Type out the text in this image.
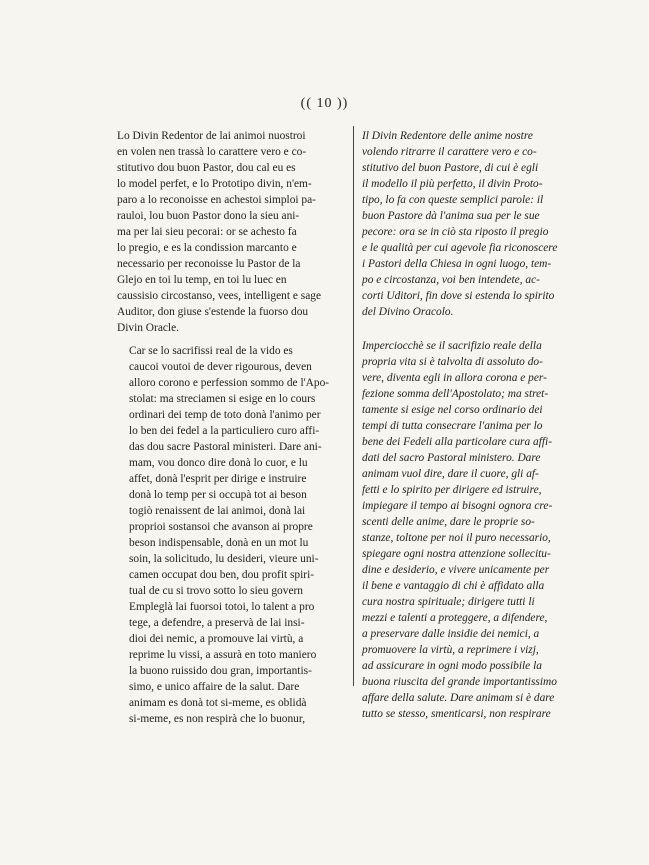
(( 10 ))

Lo Divin Redentor de lai animoi nuostroi
en volen nen trassà lo carattere vero e co-
stitutivo dou buon Pastor, dou cal eu es
lo model perfet, e lo Prototipo divin, n'em-
paro a lo reconoisse en achestoi simploi pa-
rauloi, lou buon Pastor dono la sieu ani-
ma per lai sieu pecorai: or se achesto fa
lo pregio, e es la condission marcanto e
necessario per reconoisse lu Pastor de la
Glejo en toi lu temp, en toi lu luec en
caussisio circostanso, vees, intelligent e sage
Auditor, don giuse s'estende la fuorso dou
Divin Oracle.

Car se lo sacrifissi real de la vido es
caucoi voutoi de dever rigourous, deven
alloro corono e perfession sommo de l'Apo-
stolat: ma streciamen si esige en lo cours
ordinari dei temp de toto donà l'animo per
lo ben dei fedel a la particuliero curo affi-
das dou sacre Pastoral ministeri. Dare ani-
mam, vou donco dire donà lo cuor, e lu
affet, donà l'esprit per dirige e instruire
donà lo temp per si occupà tot ai beson
togiò renaissent de lai animoi, donà lai
proprioi sostansoi che avanson ai propre
beson indispensable, donà en un mot lu
soin, la solicitudo, lu desideri, vieure uni-
camen occupat dou ben, dou profit spiri-
tual de cu si trovo sotto lo sieu govern
Empleglà lai fuorsoi totoi, lo talent a pro
tege, a defendre, a preservà de lai insi-
dioi dei nemic, a promouve lai virtù, a
reprime lu vissi, a assurà en toto maniero
la buono ruissido dou gran, importantis-
simo, e unico affaire de la salut. Dare
animam es donà tot si-meme, es oblidà
si-meme, es non respirà che lo buonur,

Il Divin Redentore delle anime nostre
volendo ritrarre il carattere vero e co-
stitutivo del buon Pastore, di cui è egli
il modello il più perfetto, il divin Proto-
tipo, lo fa con queste semplici parole: il
buon Pastore dà l'anima sua per le sue
pecore: ora se in ciò sta riposto il pregio
e le qualità per cui agevole fia riconoscere
i Pastori della Chiesa in ogni luogo, tem-
po e circostanza, voi ben intendete, ac-
corti Uditori, fin dove si estenda lo spirito
del Divino Oracolo.

Imperciocchè se il sacrifizio reale della
propria vita si è talvolta di assoluto do-
vere, diventa egli in allora corona e per-
fezione somma dell'Apostolato; ma stret-
tamente si esige nel corso ordinario dei
tempi di tutta consecrare l'anima per lo
bene dei Fedeli alla particolare cura affi-
dati del sacro Pastoral ministero. Dare
animam vuol dire, dare il cuore, gli af-
fetti e lo spirito per dirigere ed istruire,
impiegare il tempo ai bisogni ognora cre-
scenti delle anime, dare le proprie so-
stanze, toltone per noi il puro necessario,
spiegare ogni nostra attenzione sollecitu-
dine e desiderio, e vivere unicamente per
il bene e vantaggio di chi è affidato alla
cura nostra spirituale; dirigere tutti li
mezzi e talenti a proteggere, a difendere,
a preservare dalle insidie dei nemici, a
promuovere la virtù, a reprimere i vizj,
ad assicurare in ogni modo possibile la
buona riuscita del grande importantissimo
affare della salute. Dare animam si è dare
tutto se stesso, smenticarsi, non respirare
